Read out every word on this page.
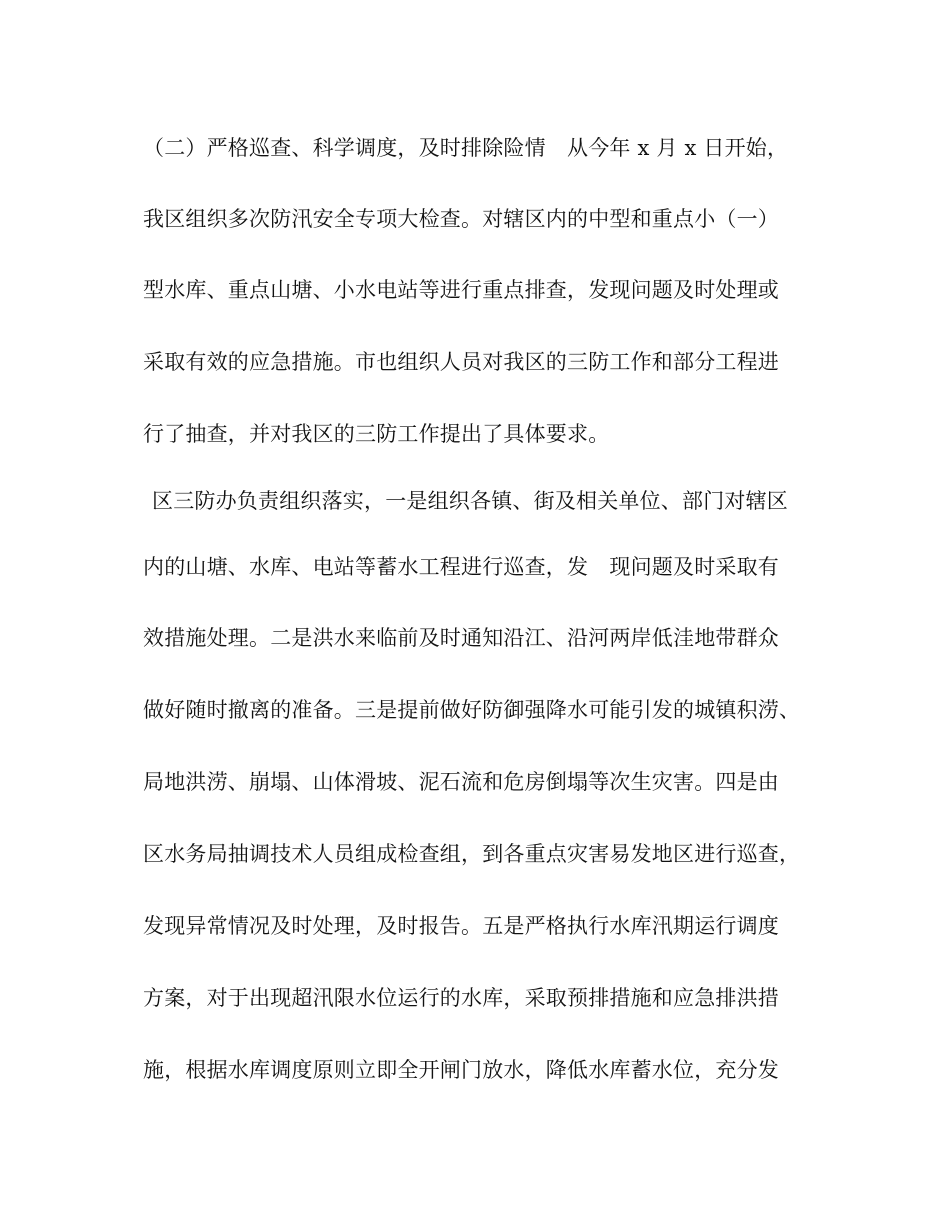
（二）严格巡查、科学调度，及时排除险情　从今年 x 月 x 日开始，
我区组织多次防汛安全专项大检查。对辖区内的中型和重点小（一）
型水库、重点山塘、小水电站等进行重点排查，发现问题及时处理或
采取有效的应急措施。市也组织人员对我区的三防工作和部分工程进
行了抽查，并对我区的三防工作提出了具体要求。
区三防办负责组织落实，一是组织各镇、街及相关单位、部门对辖区
内的山塘、水库、电站等蓄水工程进行巡查，发　现问题及时采取有
效措施处理。二是洪水来临前及时通知沿江、沿河两岸低洼地带群众
做好随时撤离的准备。三是提前做好防御强降水可能引发的城镇积涝、
局地洪涝、崩塌、山体滑坡、泥石流和危房倒塌等次生灾害。四是由
区水务局抽调技术人员组成检查组，到各重点灾害易发地区进行巡查，
发现异常情况及时处理，及时报告。五是严格执行水库汛期运行调度
方案，对于出现超汛限水位运行的水库，采取预排措施和应急排洪措
施，根据水库调度原则立即全开闸门放水，降低水库蓄水位，充分发
